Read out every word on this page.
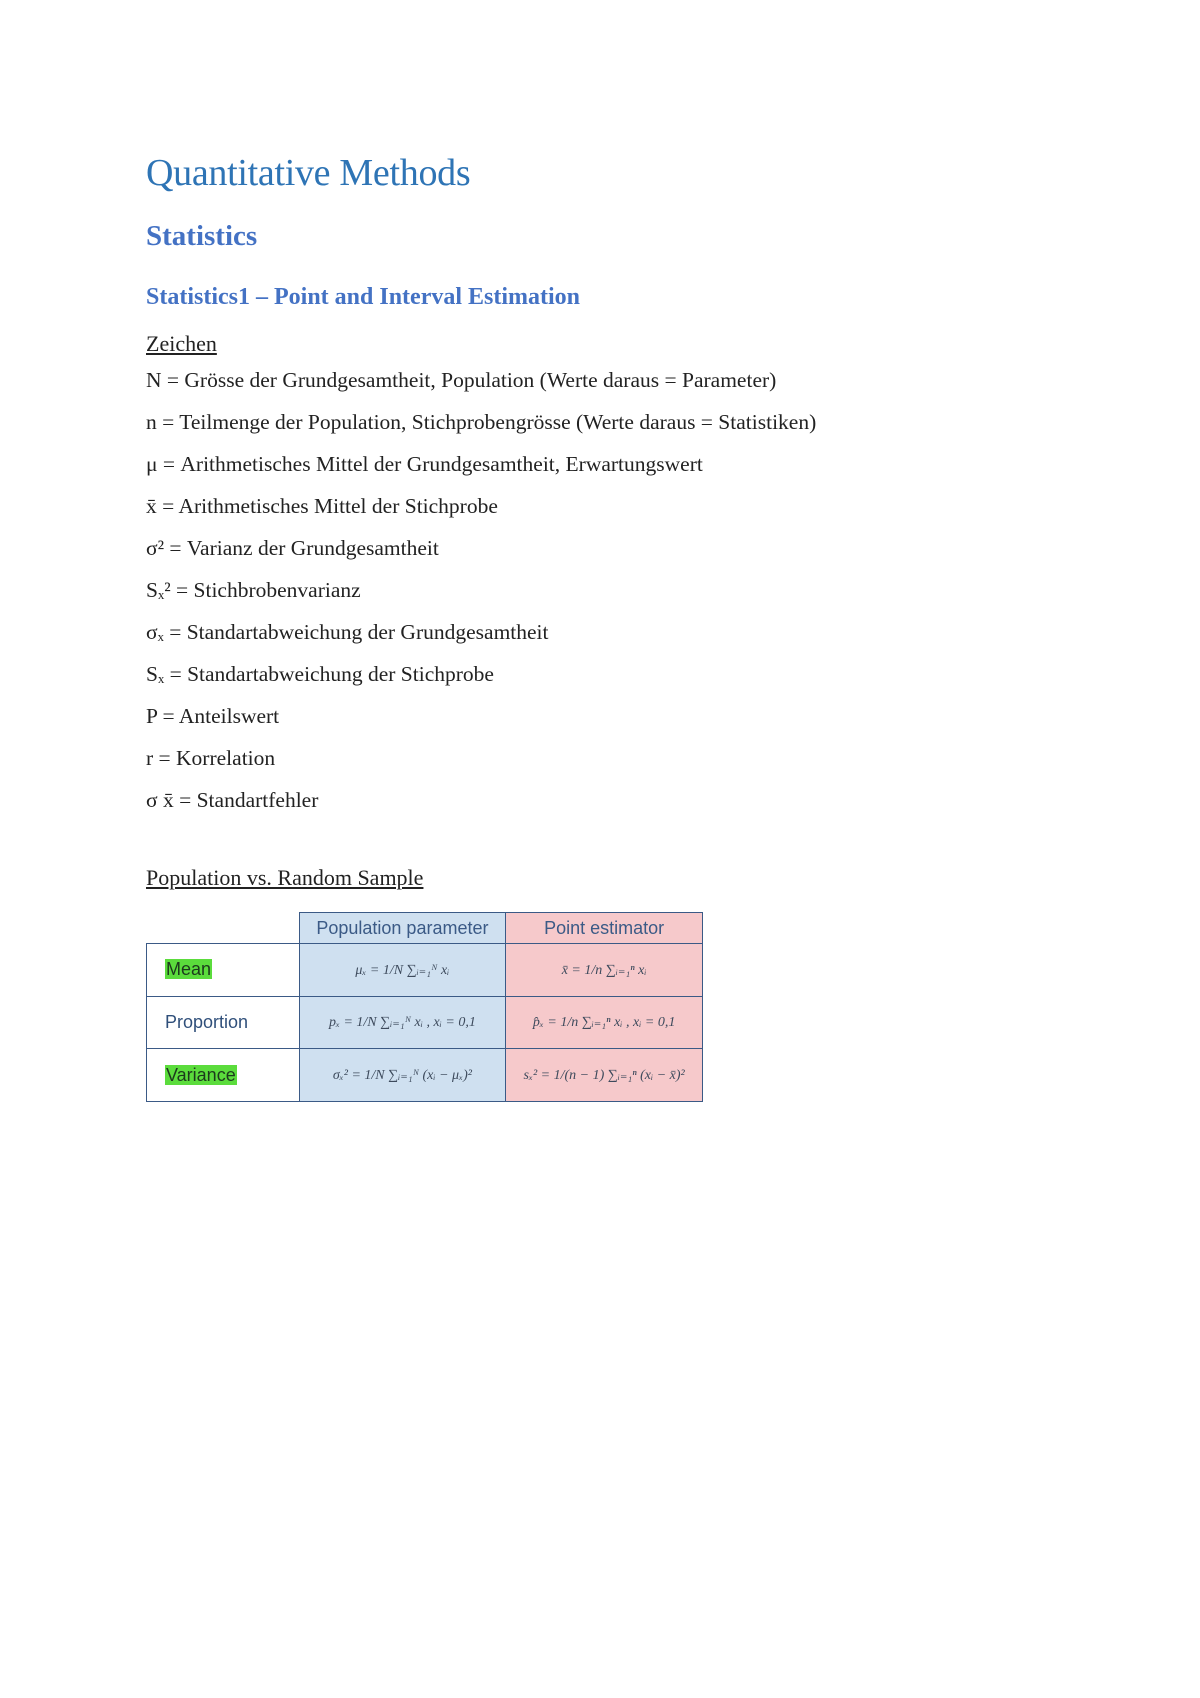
Quantitative Methods
Statistics
Statistics1 – Point and Interval Estimation
Zeichen
N = Grösse der Grundgesamtheit, Population (Werte daraus = Parameter)
n = Teilmenge der Population, Stichprobengrösse (Werte daraus = Statistiken)
μ = Arithmetisches Mittel der Grundgesamtheit, Erwartungswert
x̄ = Arithmetisches Mittel der Stichprobe
σ² = Varianz der Grundgesamtheit
Sₓ² = Stichbrobenvarianz
σₓ = Standartabweichung der Grundgesamtheit
Sₓ = Standartabweichung der Stichprobe
P = Anteilswert
r = Korrelation
σ x̄ = Standartfehler
Population vs. Random Sample
	Population parameter	Point estimator
Mean	μₓ = 1/N ∑ᵢ₌₁ᴺ xᵢ	x̄ = 1/n ∑ᵢ₌₁ⁿ xᵢ
Proportion	pₓ = 1/N ∑ᵢ₌₁ᴺ xᵢ , xᵢ = 0,1	p̂ₓ = 1/n ∑ᵢ₌₁ⁿ xᵢ , xᵢ = 0,1
Variance	σₓ² = 1/N ∑ᵢ₌₁ᴺ (xᵢ − μₓ)²	sₓ² = 1/(n − 1) ∑ᵢ₌₁ⁿ (xᵢ − x̄)²
